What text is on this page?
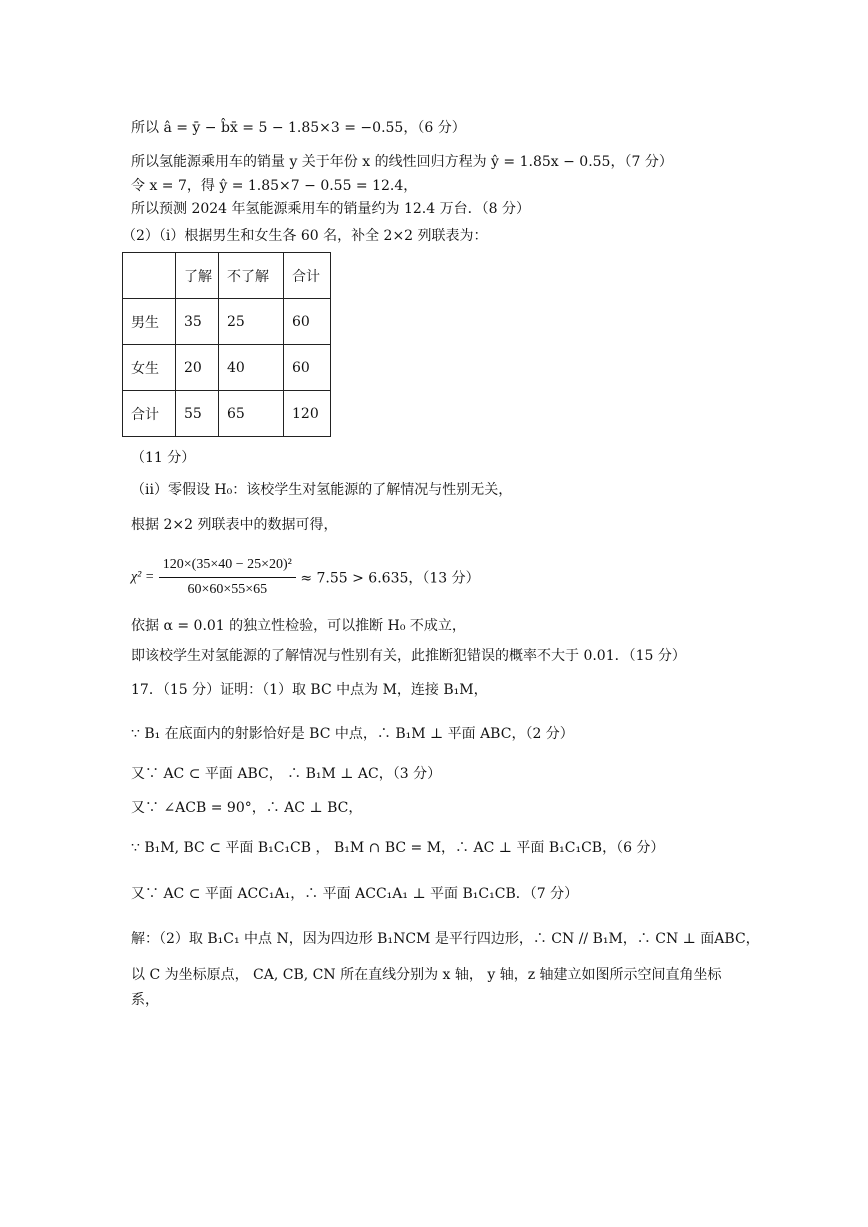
所以 â = ȳ − b̂x̄ = 5 − 1.85×3 = −0.55，（6 分）
所以氢能源乘用车的销量 y 关于年份 x 的线性回归方程为 ŷ = 1.85x − 0.55，（7 分）
令 x = 7，得 ŷ = 1.85×7 − 0.55 = 12.4，
所以预测 2024 年氢能源乘用车的销量约为 12.4 万台．（8 分）
（2）（i）根据男生和女生各 60 名，补全 2×2 列联表为：
	了解	不了解	合计
男生	35	25	60
女生	20	40	60
合计	55	65	120
（11 分）
（ii）零假设 H₀：该校学生对氢能源的了解情况与性别无关，
根据 2×2 列联表中的数据可得，
$\chi^2 = \frac{\text{120×(35×40 − 25×20)²}}{60\times 60\times 55\times 65} \approx 7.55 > 6.635$，（13 分）
依据 α = 0.01 的独立性检验，可以推断 H₀ 不成立，
即该校学生对氢能源的了解情况与性别有关，此推断犯错误的概率不大于 0.01．（15 分）
17．（15 分）证明：（1）取 BC 中点为 M，连接 B₁M，
∵ B₁ 在底面内的射影恰好是 BC 中点，∴ B₁M ⊥ 平面 ABC，（2 分）
又∵ AC ⊂ 平面 ABC， ∴ B₁M ⊥ AC，（3 分）
又∵ ∠ACB = 90°，∴ AC ⊥ BC，
∵ B₁M, BC ⊂ 平面 B₁C₁CB ， B₁M ∩ BC = M，∴ AC ⊥ 平面 B₁C₁CB，（6 分）
又∵ AC ⊂ 平面 ACC₁A₁，∴ 平面 ACC₁A₁ ⊥ 平面 B₁C₁CB．（7 分）
解：（2）取 B₁C₁ 中点 N，因为四边形 B₁NCM 是平行四边形，∴ CN // B₁M，∴ CN ⊥ 面ABC，
以 C 为坐标原点， CA, CB, CN 所在直线分别为 x 轴， y 轴，z 轴建立如图所示空间直角坐标
系，
